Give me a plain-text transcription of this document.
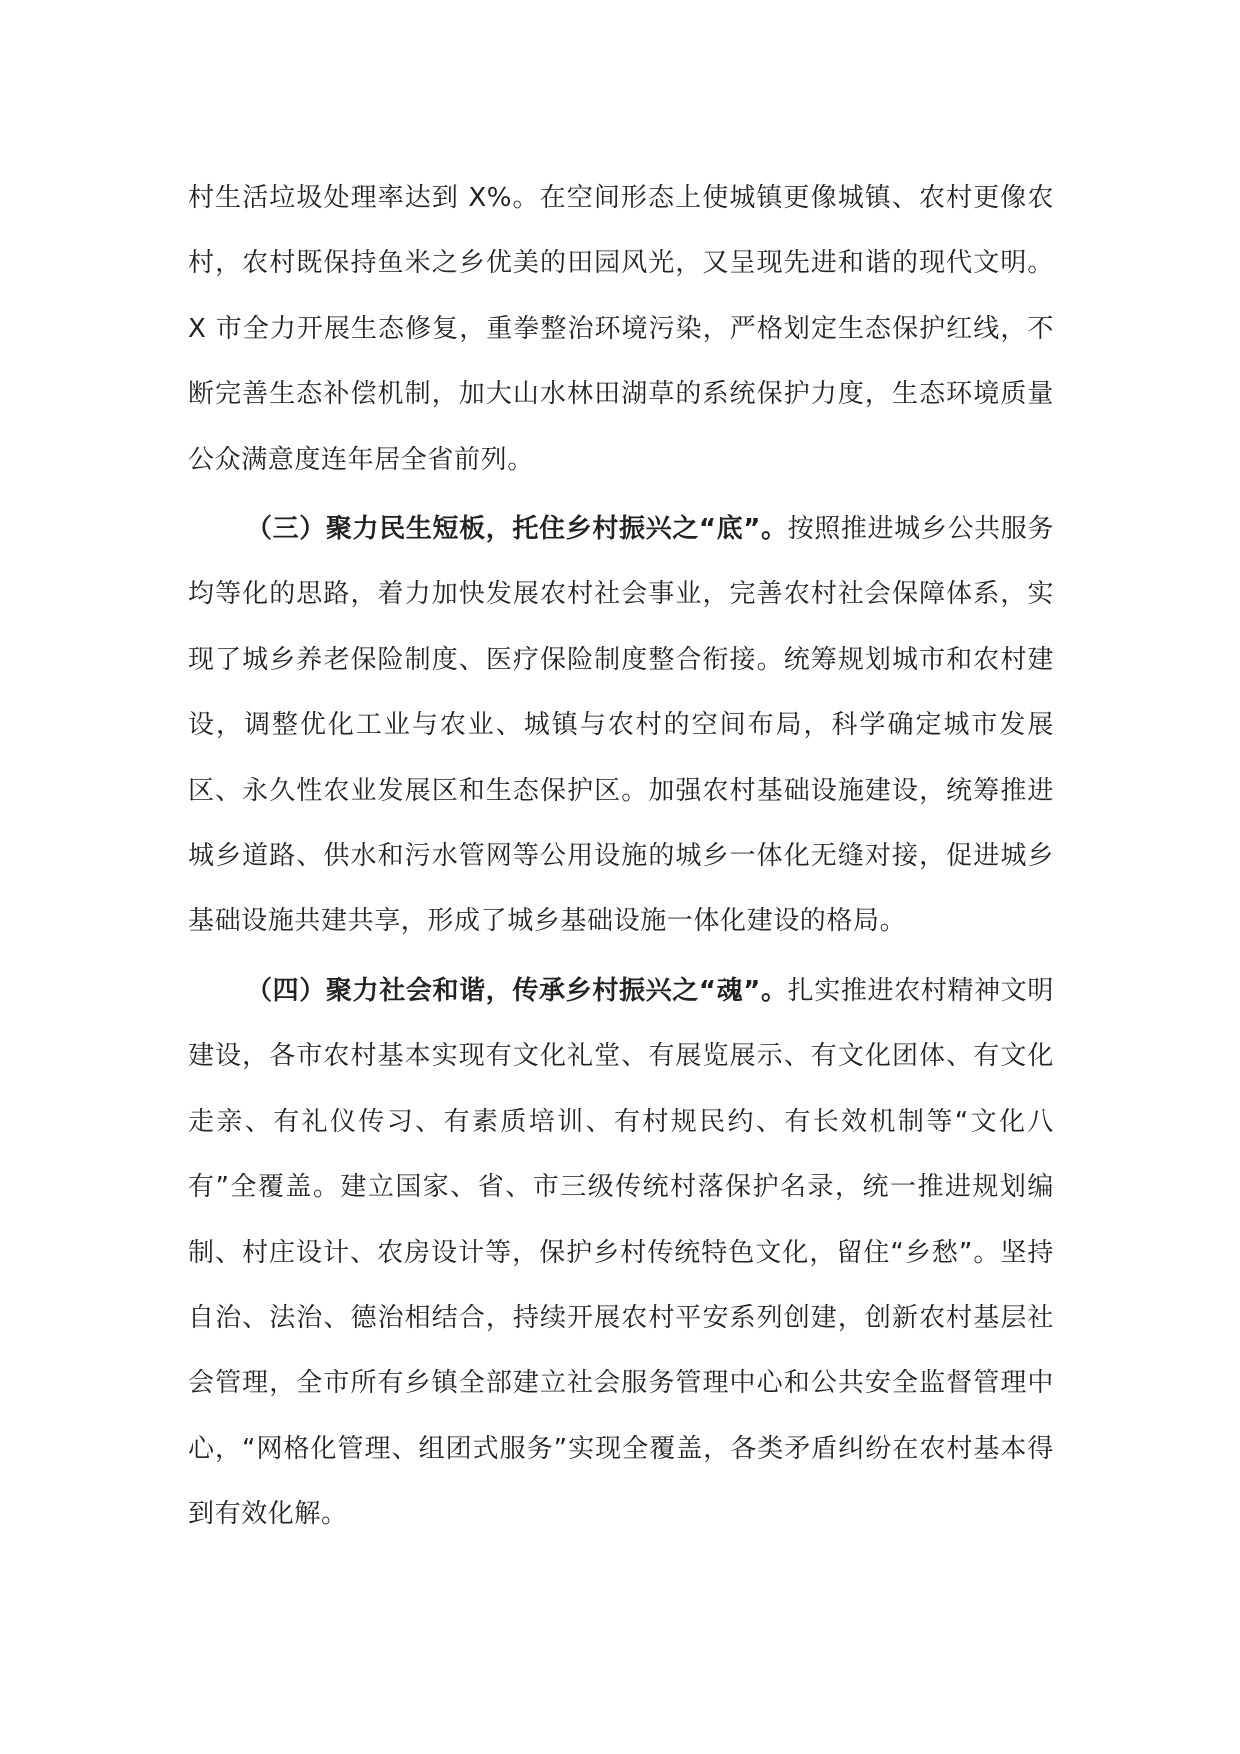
村生活垃圾处理率达到 X%。在空间形态上使城镇更像城镇、农村更像农村，农村既保持鱼米之乡优美的田园风光，又呈现先进和谐的现代文明。X 市全力开展生态修复，重拳整治环境污染，严格划定生态保护红线，不断完善生态补偿机制，加大山水林田湖草的系统保护力度，生态环境质量公众满意度连年居全省前列。

（三）聚力民生短板，托住乡村振兴之“底”。按照推进城乡公共服务均等化的思路，着力加快发展农村社会事业，完善农村社会保障体系，实现了城乡养老保险制度、医疗保险制度整合衔接。统筹规划城市和农村建设，调整优化工业与农业、城镇与农村的空间布局，科学确定城市发展区、永久性农业发展区和生态保护区。加强农村基础设施建设，统筹推进城乡道路、供水和污水管网等公用设施的城乡一体化无缝对接，促进城乡基础设施共建共享，形成了城乡基础设施一体化建设的格局。

（四）聚力社会和谐，传承乡村振兴之“魂”。扎实推进农村精神文明建设，各市农村基本实现有文化礼堂、有展览展示、有文化团体、有文化走亲、有礼仪传习、有素质培训、有村规民约、有长效机制等“文化八有”全覆盖。建立国家、省、市三级传统村落保护名录，统一推进规划编制、村庄设计、农房设计等，保护乡村传统特色文化，留住“乡愁”。坚持自治、法治、德治相结合，持续开展农村平安系列创建，创新农村基层社会管理，全市所有乡镇全部建立社会服务管理中心和公共安全监督管理中心，“网格化管理、组团式服务”实现全覆盖，各类矛盾纠纷在农村基本得到有效化解。
